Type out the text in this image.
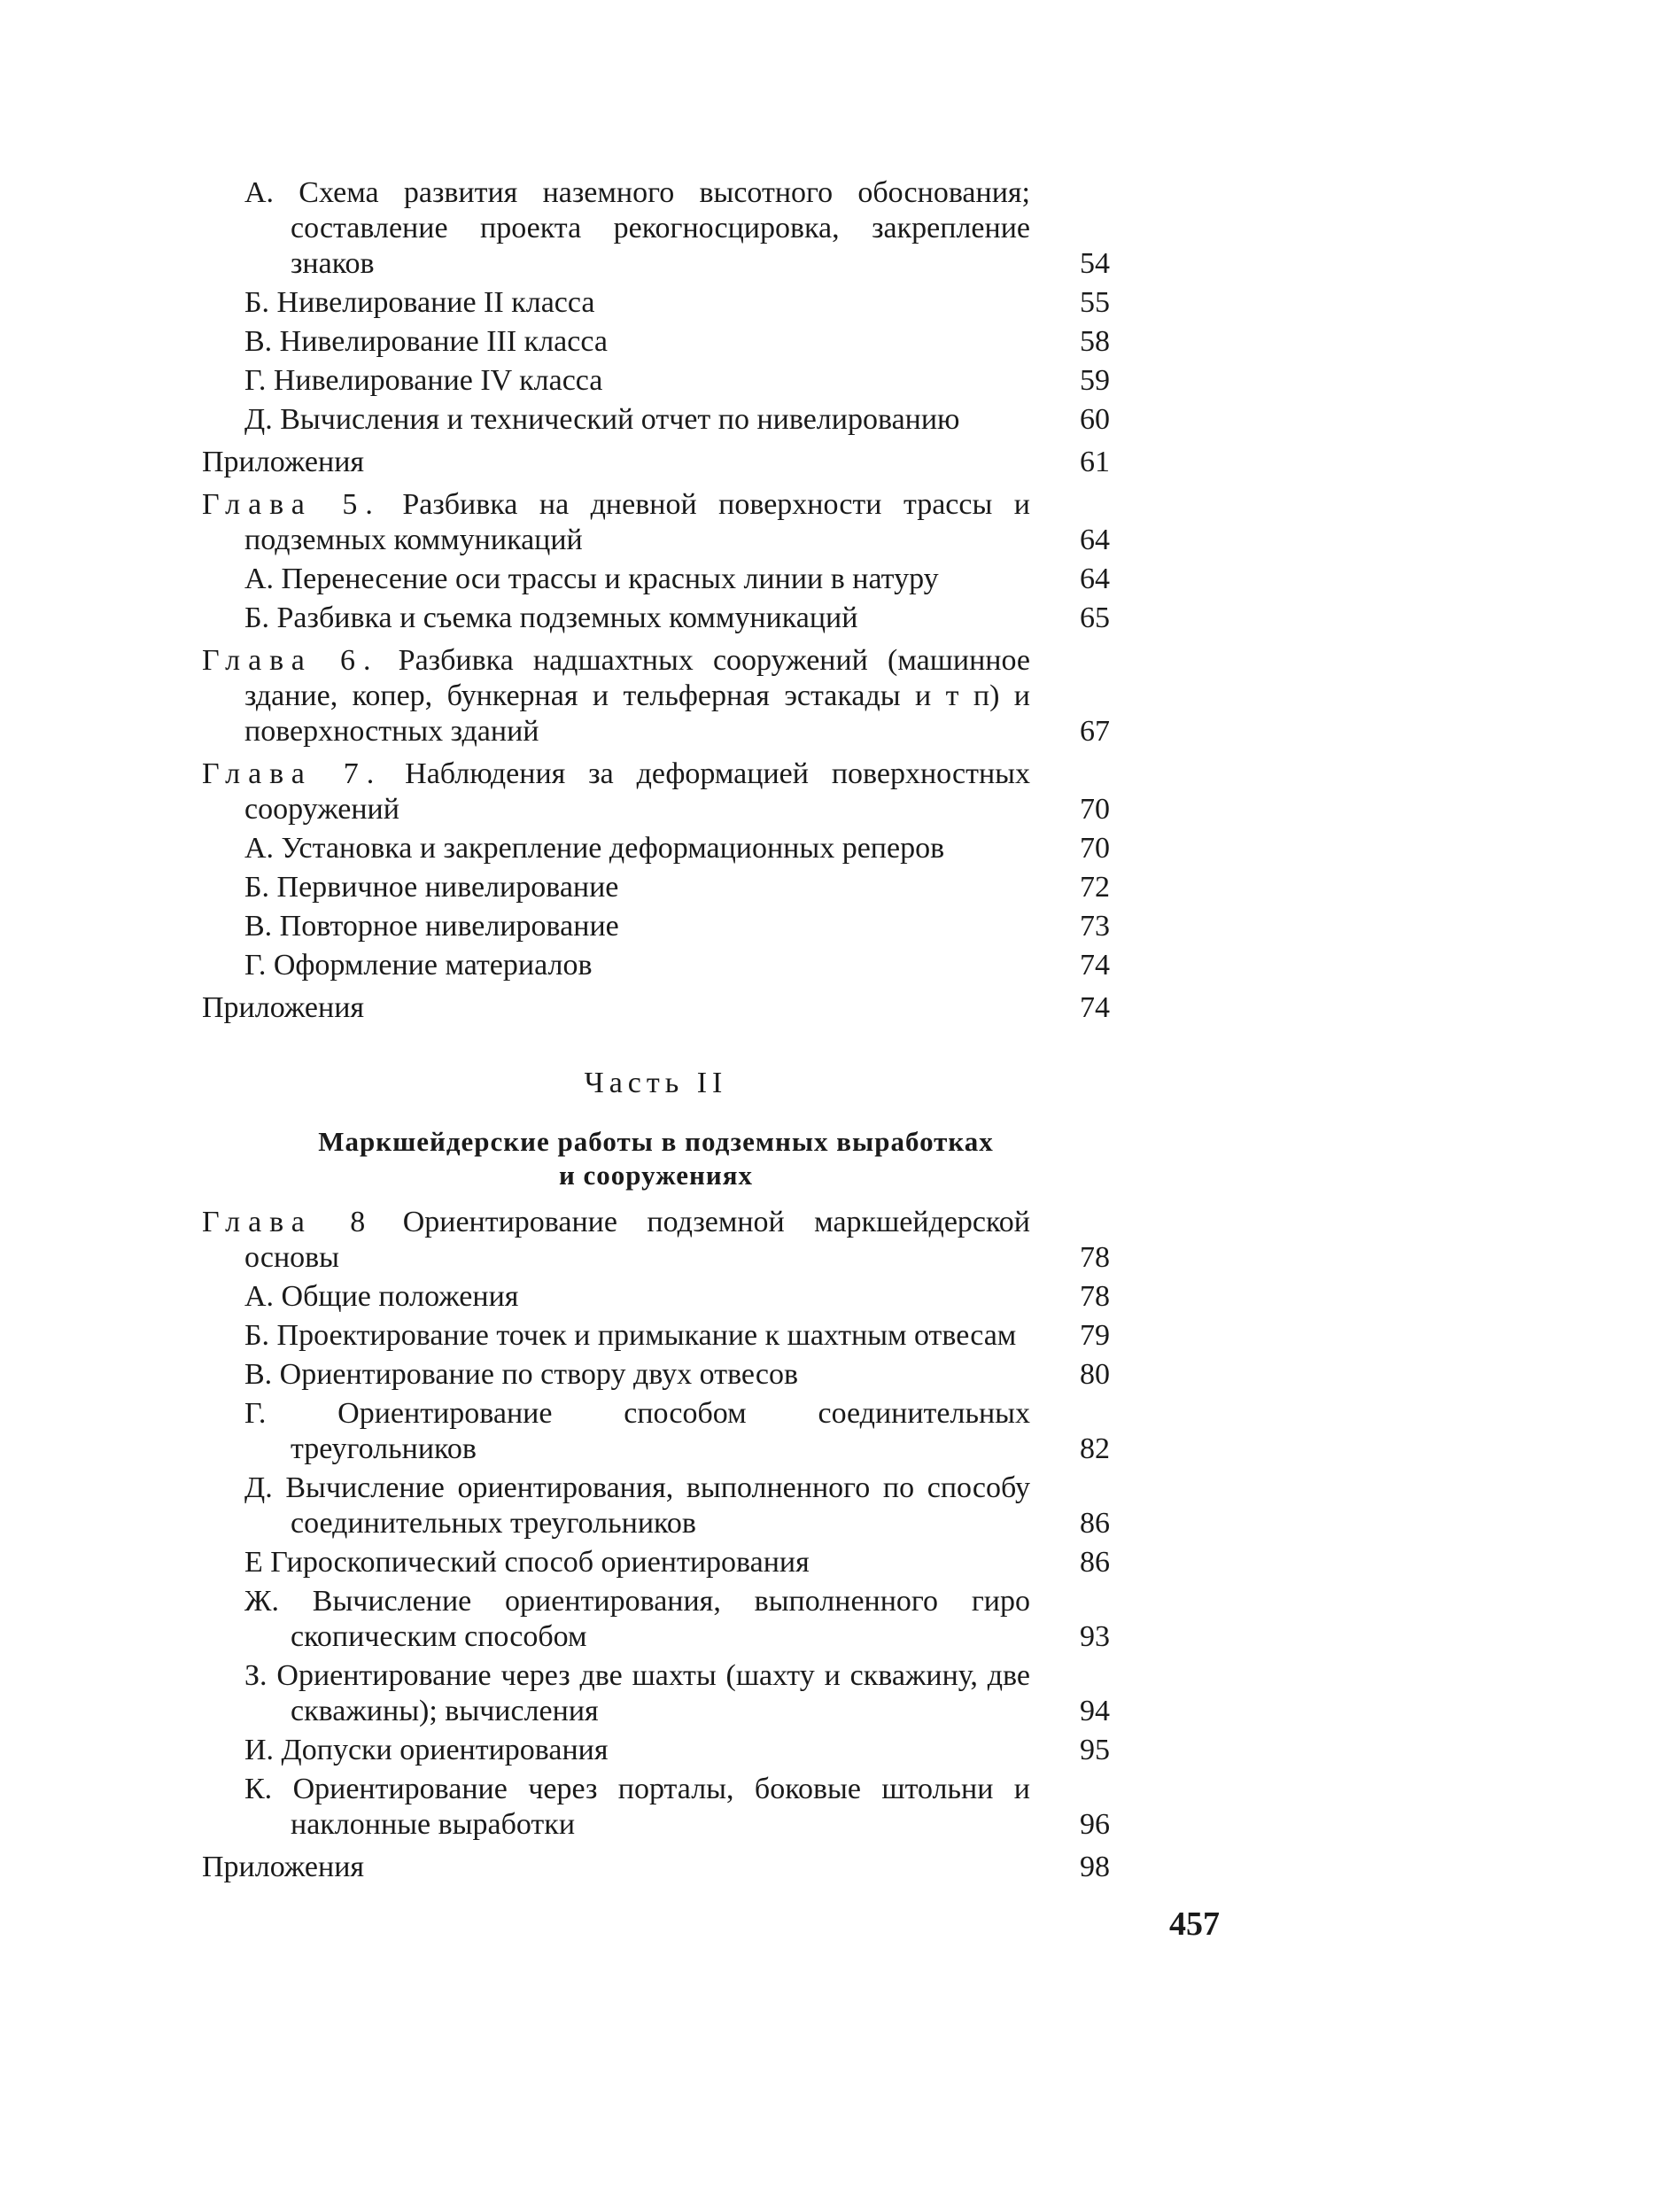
А. Схема развития наземного высотного обоснования; составление проекта рекогносцировка, закрепление знаков	54
Б. Нивелирование II класса	55
В. Нивелирование III класса	58
Г. Нивелирование IV класса	59
Д. Вычисления и технический отчет по нивелированию	60
Приложения	61
Глава 5. Разбивка на дневной поверхности трассы и подземных коммуникаций	64
А. Перенесение оси трассы и красных линии в натуру	64
Б. Разбивка и съемка подземных коммуникаций	65
Глава 6. Разбивка надшахтных сооружений (машинное здание, копер, бункерная и тельферная эстакады и т п) и поверхностных зданий	67
Глава 7. Наблюдения за деформацией поверхностных сооружений	70
А. Установка и закрепление деформационных реперов	70
Б. Первичное нивелирование	72
В. Повторное нивелирование	73
Г. Оформление материалов	74
Приложения	74
Часть II
Маркшейдерские работы в подземных выработках
и сооружениях
Глава 8 Ориентирование подземной маркшейдерской основы	78
А. Общие положения	78
Б. Проектирование точек и примыкание к шахтным отвесам	79
В. Ориентирование по створу двух отвесов	80
Г. Ориентирование способом соединительных треугольников	82
Д. Вычисление ориентирования, выполненного по способу соединительных треугольников	86
Е Гироскопический способ ориентирования	86
Ж. Вычисление ориентирования, выполненного гиро скопическим способом	93
З. Ориентирование через две шахты (шахту и скважину, две скважины); вычисления	94
И. Допуски ориентирования	95
К. Ориентирование через порталы, боковые штольни и наклонные выработки	96
Приложения	98
457
